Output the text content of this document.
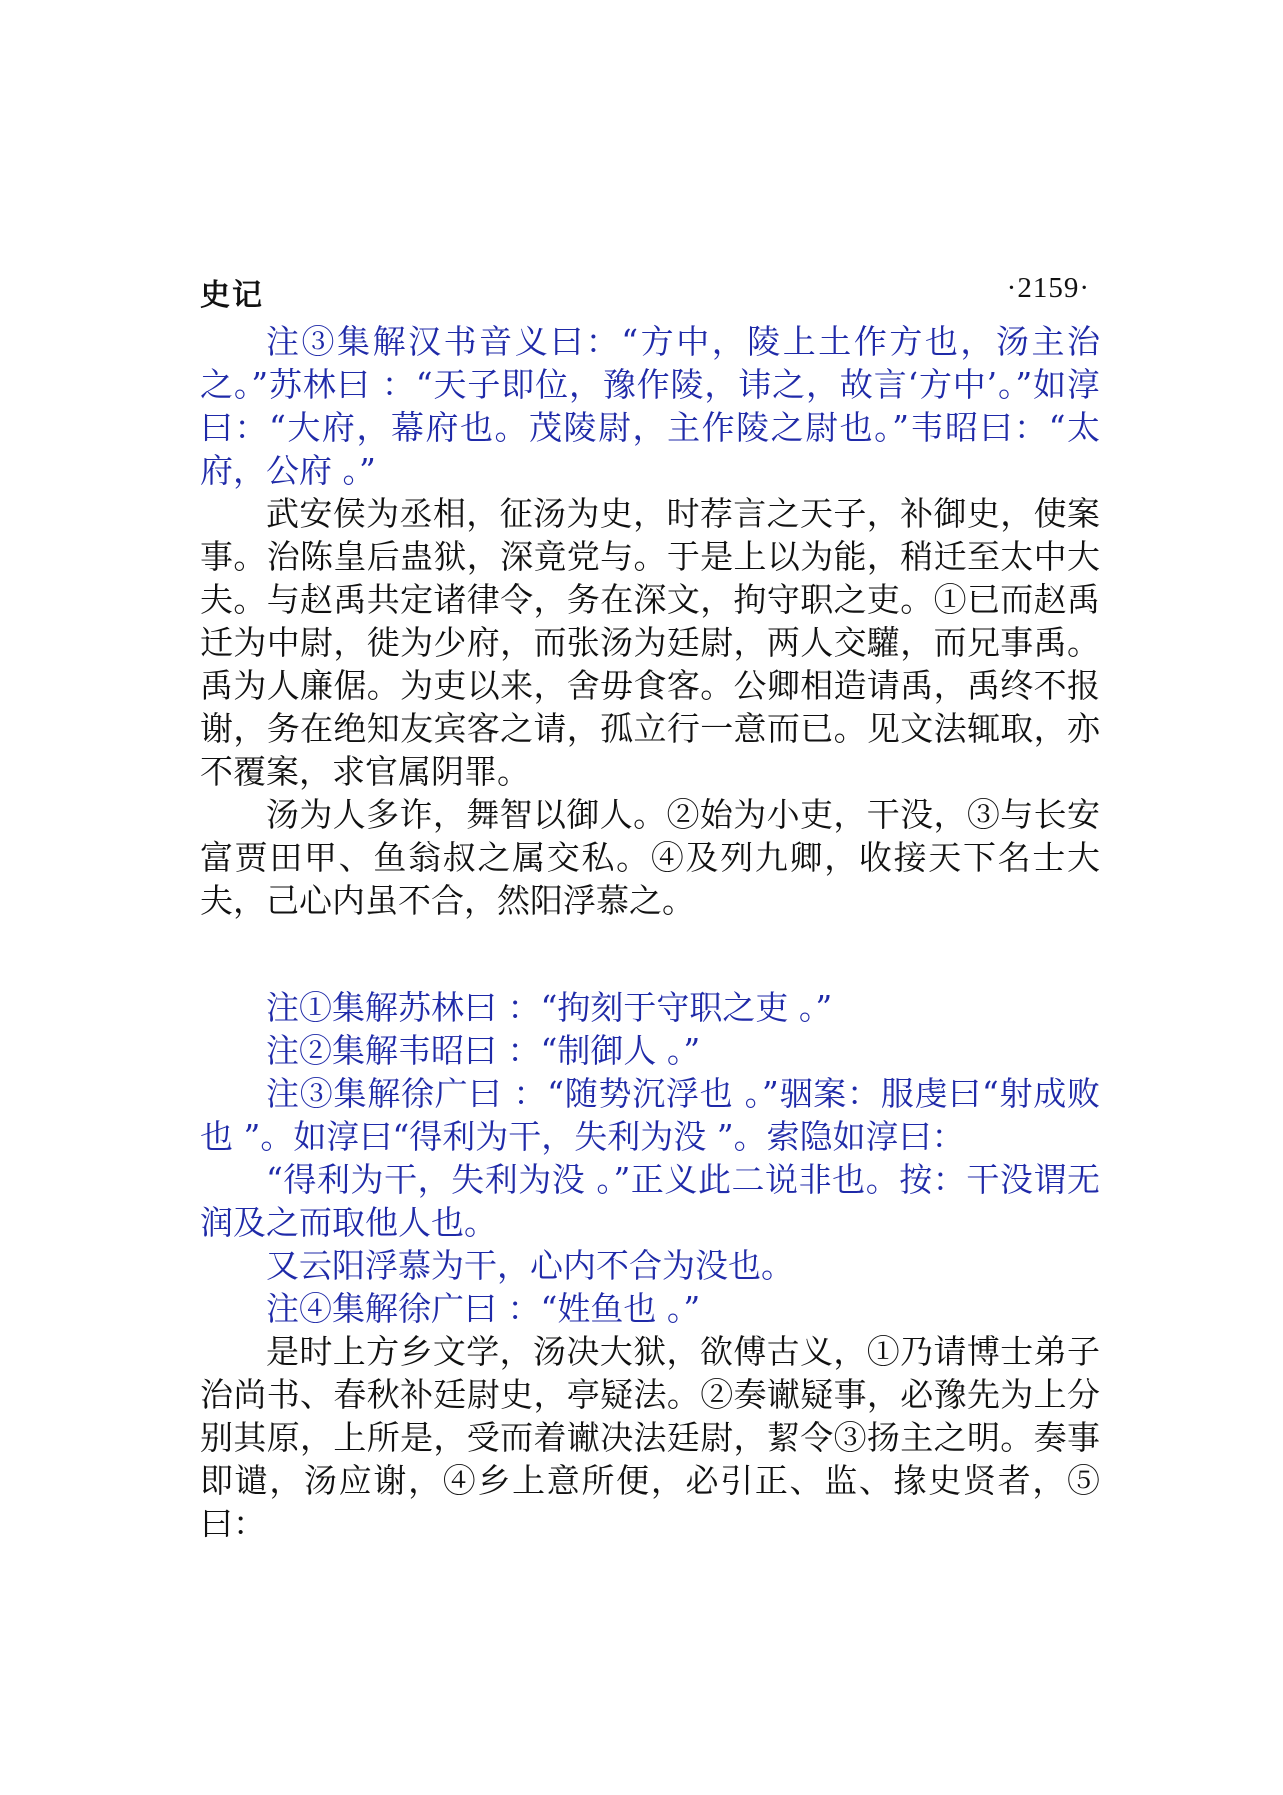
史记	·2159·

注③集解汉书音义曰：“方中，陵上土作方也，汤主治之。”苏林曰 ：“天子即位，豫作陵，讳之，故言‘方中’。”如淳曰：“大府，幕府也。茂陵尉，主作陵之尉也。”韦昭曰：“太府，公府 。”

武安侯为丞相，征汤为史，时荐言之天子，补御史，使案事。治陈皇后蛊狱，深竟党与。于是上以为能，稍迁至太中大夫。与赵禹共定诸律令，务在深文，拘守职之吏。①已而赵禹迁为中尉，徙为少府，而张汤为廷尉，两人交驩，而兄事禹。禹为人廉倨。为吏以来，舍毋食客。公卿相造请禹，禹终不报谢，务在绝知友宾客之请，孤立行一意而已。见文法辄取，亦不覆案，求官属阴罪。

汤为人多诈，舞智以御人。②始为小吏，干没，③与长安富贾田甲、鱼翁叔之属交私。④及列九卿，收接天下名士大夫，己心内虽不合，然阳浮慕之。

注①集解苏林曰 ：“拘刻于守职之吏 。”

注②集解韦昭曰 ：“制御人 。”

注③集解徐广曰 ：“随势沉浮也 。”骃案：服虔曰“射成败也 ”。如淳曰“得利为干，失利为没 ”。索隐如淳曰：

“得利为干，失利为没 。”正义此二说非也。按：干没谓无润及之而取他人也。

又云阳浮慕为干，心内不合为没也。

注④集解徐广曰 ：“姓鱼也 。”

是时上方乡文学，汤决大狱，欲傅古义，①乃请博士弟子治尚书、春秋补廷尉史，亭疑法。②奏谳疑事，必豫先为上分别其原，上所是，受而着谳决法廷尉，絜令③扬主之明。奏事即谴，汤应谢，④乡上意所便，必引正、监、掾史贤者，⑤曰：
